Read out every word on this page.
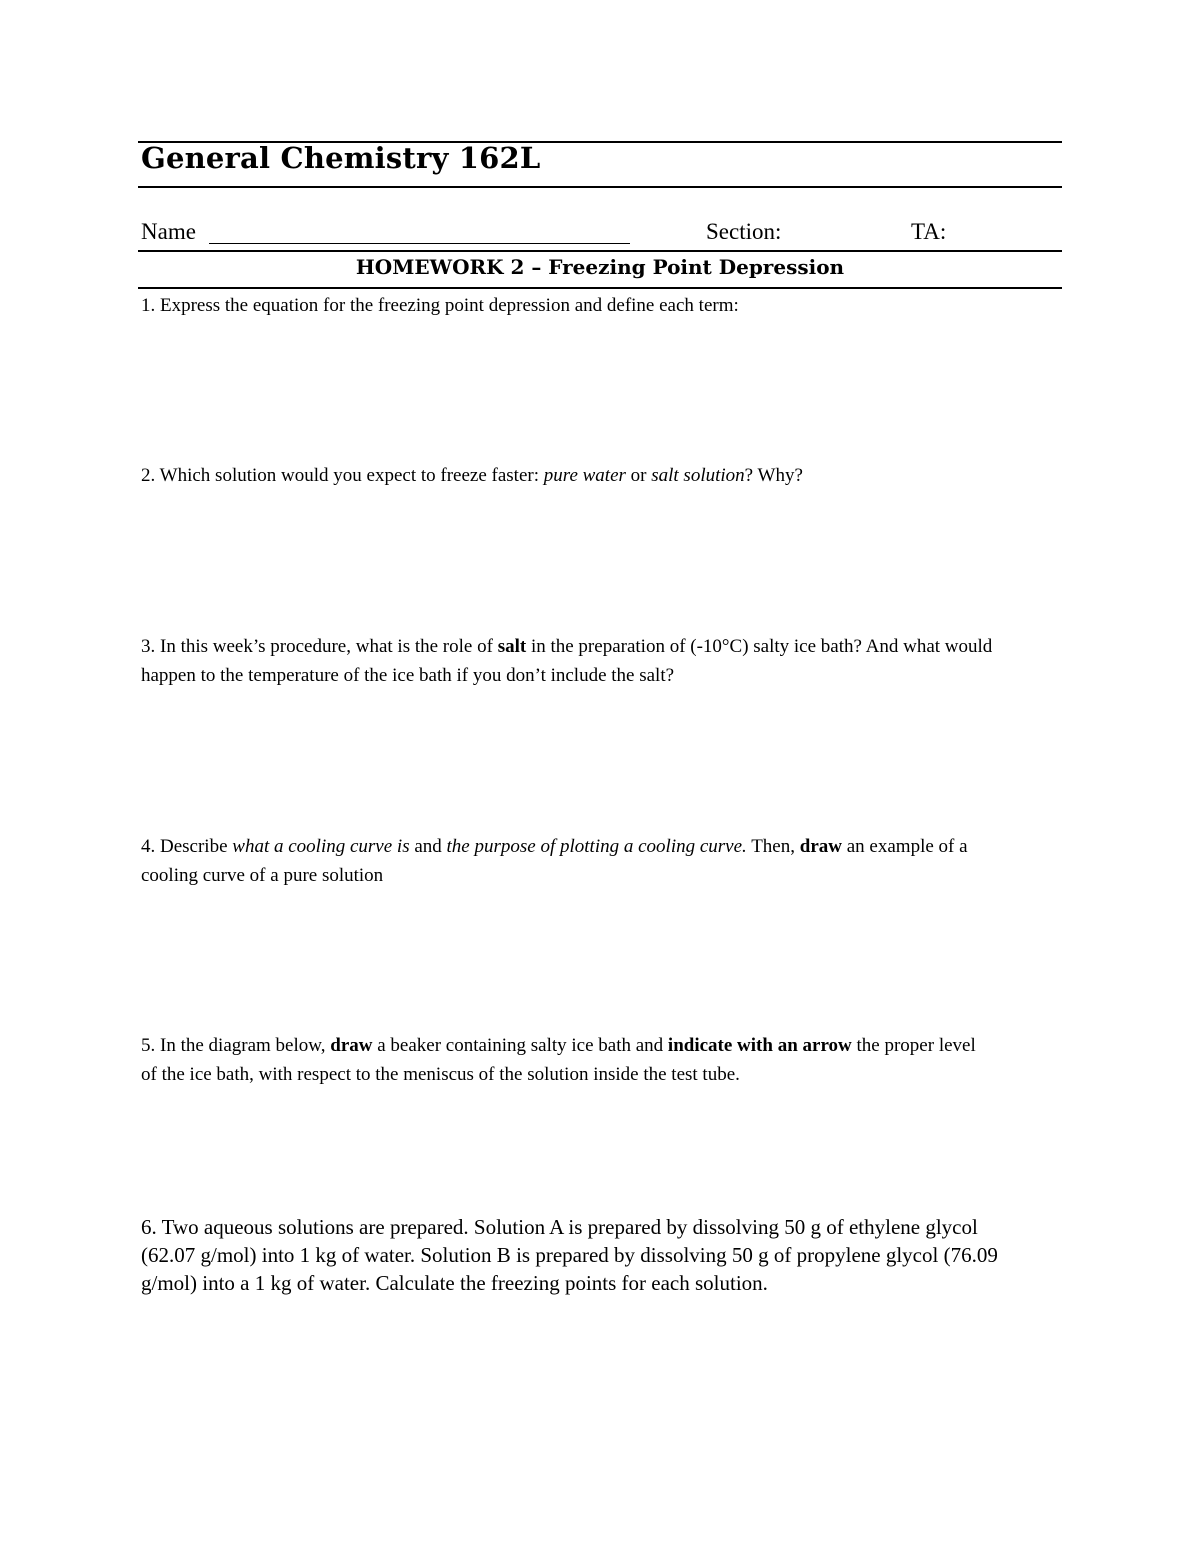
General Chemistry 162L
Name	Section:	TA:
HOMEWORK 2 – Freezing Point Depression
1. Express the equation for the freezing point depression and define each term:
2. Which solution would you expect to freeze faster: pure water or salt solution? Why?
3. In this week’s procedure, what is the role of salt in the preparation of (-10°C) salty ice bath? And what would
happen to the temperature of the ice bath if you don’t include the salt?
4. Describe what a cooling curve is and the purpose of plotting a cooling curve. Then, draw an example of a
cooling curve of a pure solution
5. In the diagram below, draw a beaker containing salty ice bath and indicate with an arrow the proper level
of the ice bath, with respect to the meniscus of the solution inside the test tube.
6. Two aqueous solutions are prepared. Solution A is prepared by dissolving 50 g of ethylene glycol
(62.07 g/mol) into 1 kg of water. Solution B is prepared by dissolving 50 g of propylene glycol (76.09
g/mol) into a 1 kg of water. Calculate the freezing points for each solution.
